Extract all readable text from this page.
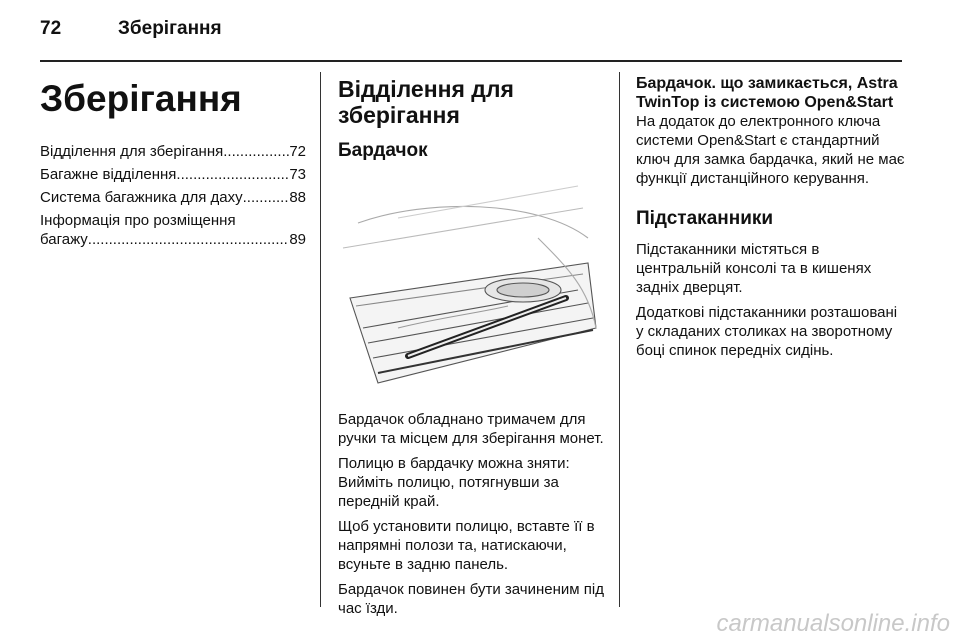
72	Зберігання
Зберігання
Відділення для зберігання .....	72
Багажне відділення .....	73
Система багажника для даху .....	88
Інформація про розміщення
багажу .....	89
Відділення для зберігання
Бардачок

Бардачок обладнано тримачем для ручки та місцем для зберігання монет.

Полицю в бардачку можна зняти: Вийміть полицю, потягнувши за передній край.

Щоб установити полицю, вставте її в напрямні полози та, натискаючи, всуньте в задню панель.

Бардачок повинен бути зачиненим під час їзди.

Бардачок. що замикається, Astra TwinTop із системою Open&Start

На додаток до електронного ключа системи Open&Start є стандартний ключ для замка бардачка, який не має функції дистанційного керування.

Підстаканники

Підстаканники містяться в центральній консолі та в кишенях задніх дверцят.

Додаткові підстаканники розташовані у складаних столиках на зворотному боці спинок передніх сидінь.

carmanualsonline.info
